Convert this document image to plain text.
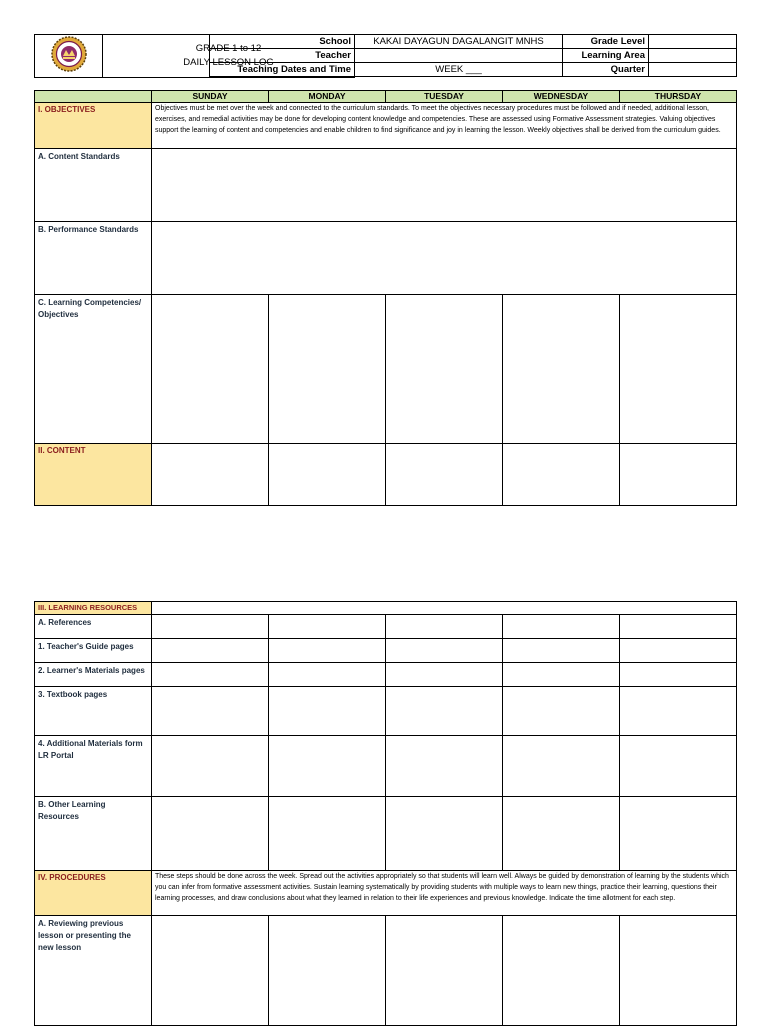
GRADE 1 to 12
DAILY LESSON LOG
School	KAKAI DAYAGUN DAGALANGIT MNHS	Grade Level	
Teacher		Learning Area	
Teaching Dates and Time	WEEK ___	Quarter	
	SUNDAY	MONDAY	TUESDAY	WEDNESDAY	THURSDAY
I. OBJECTIVES	Objectives must be met over the week and connected to the curriculum standards. To meet the objectives necessary procedures must be followed and if needed, additional lesson, exercises, and remedial activities may be done for developing content knowledge and competencies. These are assessed using Formative Assessment strategies. Valuing objectives support the learning of content and competencies and enable children to find significance and joy in learning the lesson. Weekly objectives shall be derived from the curriculum guides.				
A. Content Standards					
B. Performance Standards					
C. Learning Competencies/ Objectives					
II. CONTENT					
III. LEARNING RESOURCES					
A. References					
1. Teacher's Guide pages					
2. Learner's Materials pages					
3. Textbook pages					
4. Additional Materials form LR Portal					
B. Other Learning Resources					
IV. PROCEDURES	These steps should be done across the week. Spread out the activities appropriately so that students will learn well. Always be guided by demonstration of learning by the students which you can infer from formative assessment activities. Sustain learning systematically by providing students with multiple ways to learn new things, practice their learning, questions their learning processes, and draw conclusions about what they learned in relation to their life experiences and previous knowledge. Indicate the time allotment for each step.				
A. Reviewing previous lesson or presenting the new lesson					
